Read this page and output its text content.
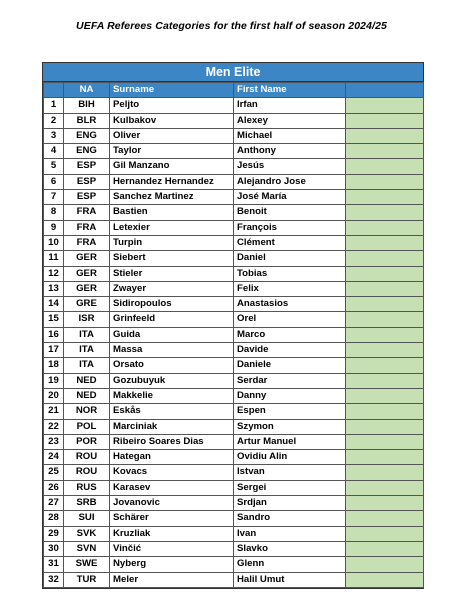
UEFA Referees Categories for the first half of season 2024/25
Men Elite
	NA	Surname	First Name	
1	BIH	Peljto	Irfan	
2	BLR	Kulbakov	Alexey	
3	ENG	Oliver	Michael	
4	ENG	Taylor	Anthony	
5	ESP	Gil Manzano	Jesús	
6	ESP	Hernandez Hernandez	Alejandro Jose	
7	ESP	Sanchez Martinez	José María	
8	FRA	Bastien	Benoit	
9	FRA	Letexier	François	
10	FRA	Turpin	Clément	
11	GER	Siebert	Daniel	
12	GER	Stieler	Tobias	
13	GER	Zwayer	Felix	
14	GRE	Sidiropoulos	Anastasios	
15	ISR	Grinfeeld	Orel	
16	ITA	Guida	Marco	
17	ITA	Massa	Davide	
18	ITA	Orsato	Daniele	
19	NED	Gozubuyuk	Serdar	
20	NED	Makkelie	Danny	
21	NOR	Eskås	Espen	
22	POL	Marciniak	Szymon	
23	POR	Ribeiro Soares Dias	Artur Manuel	
24	ROU	Hategan	Ovidiu Alin	
25	ROU	Kovacs	Istvan	
26	RUS	Karasev	Sergei	
27	SRB	Jovanovic	Srdjan	
28	SUI	Schärer	Sandro	
29	SVK	Kruzliak	Ivan	
30	SVN	Vinčić	Slavko	
31	SWE	Nyberg	Glenn	
32	TUR	Meler	Halil Umut	
